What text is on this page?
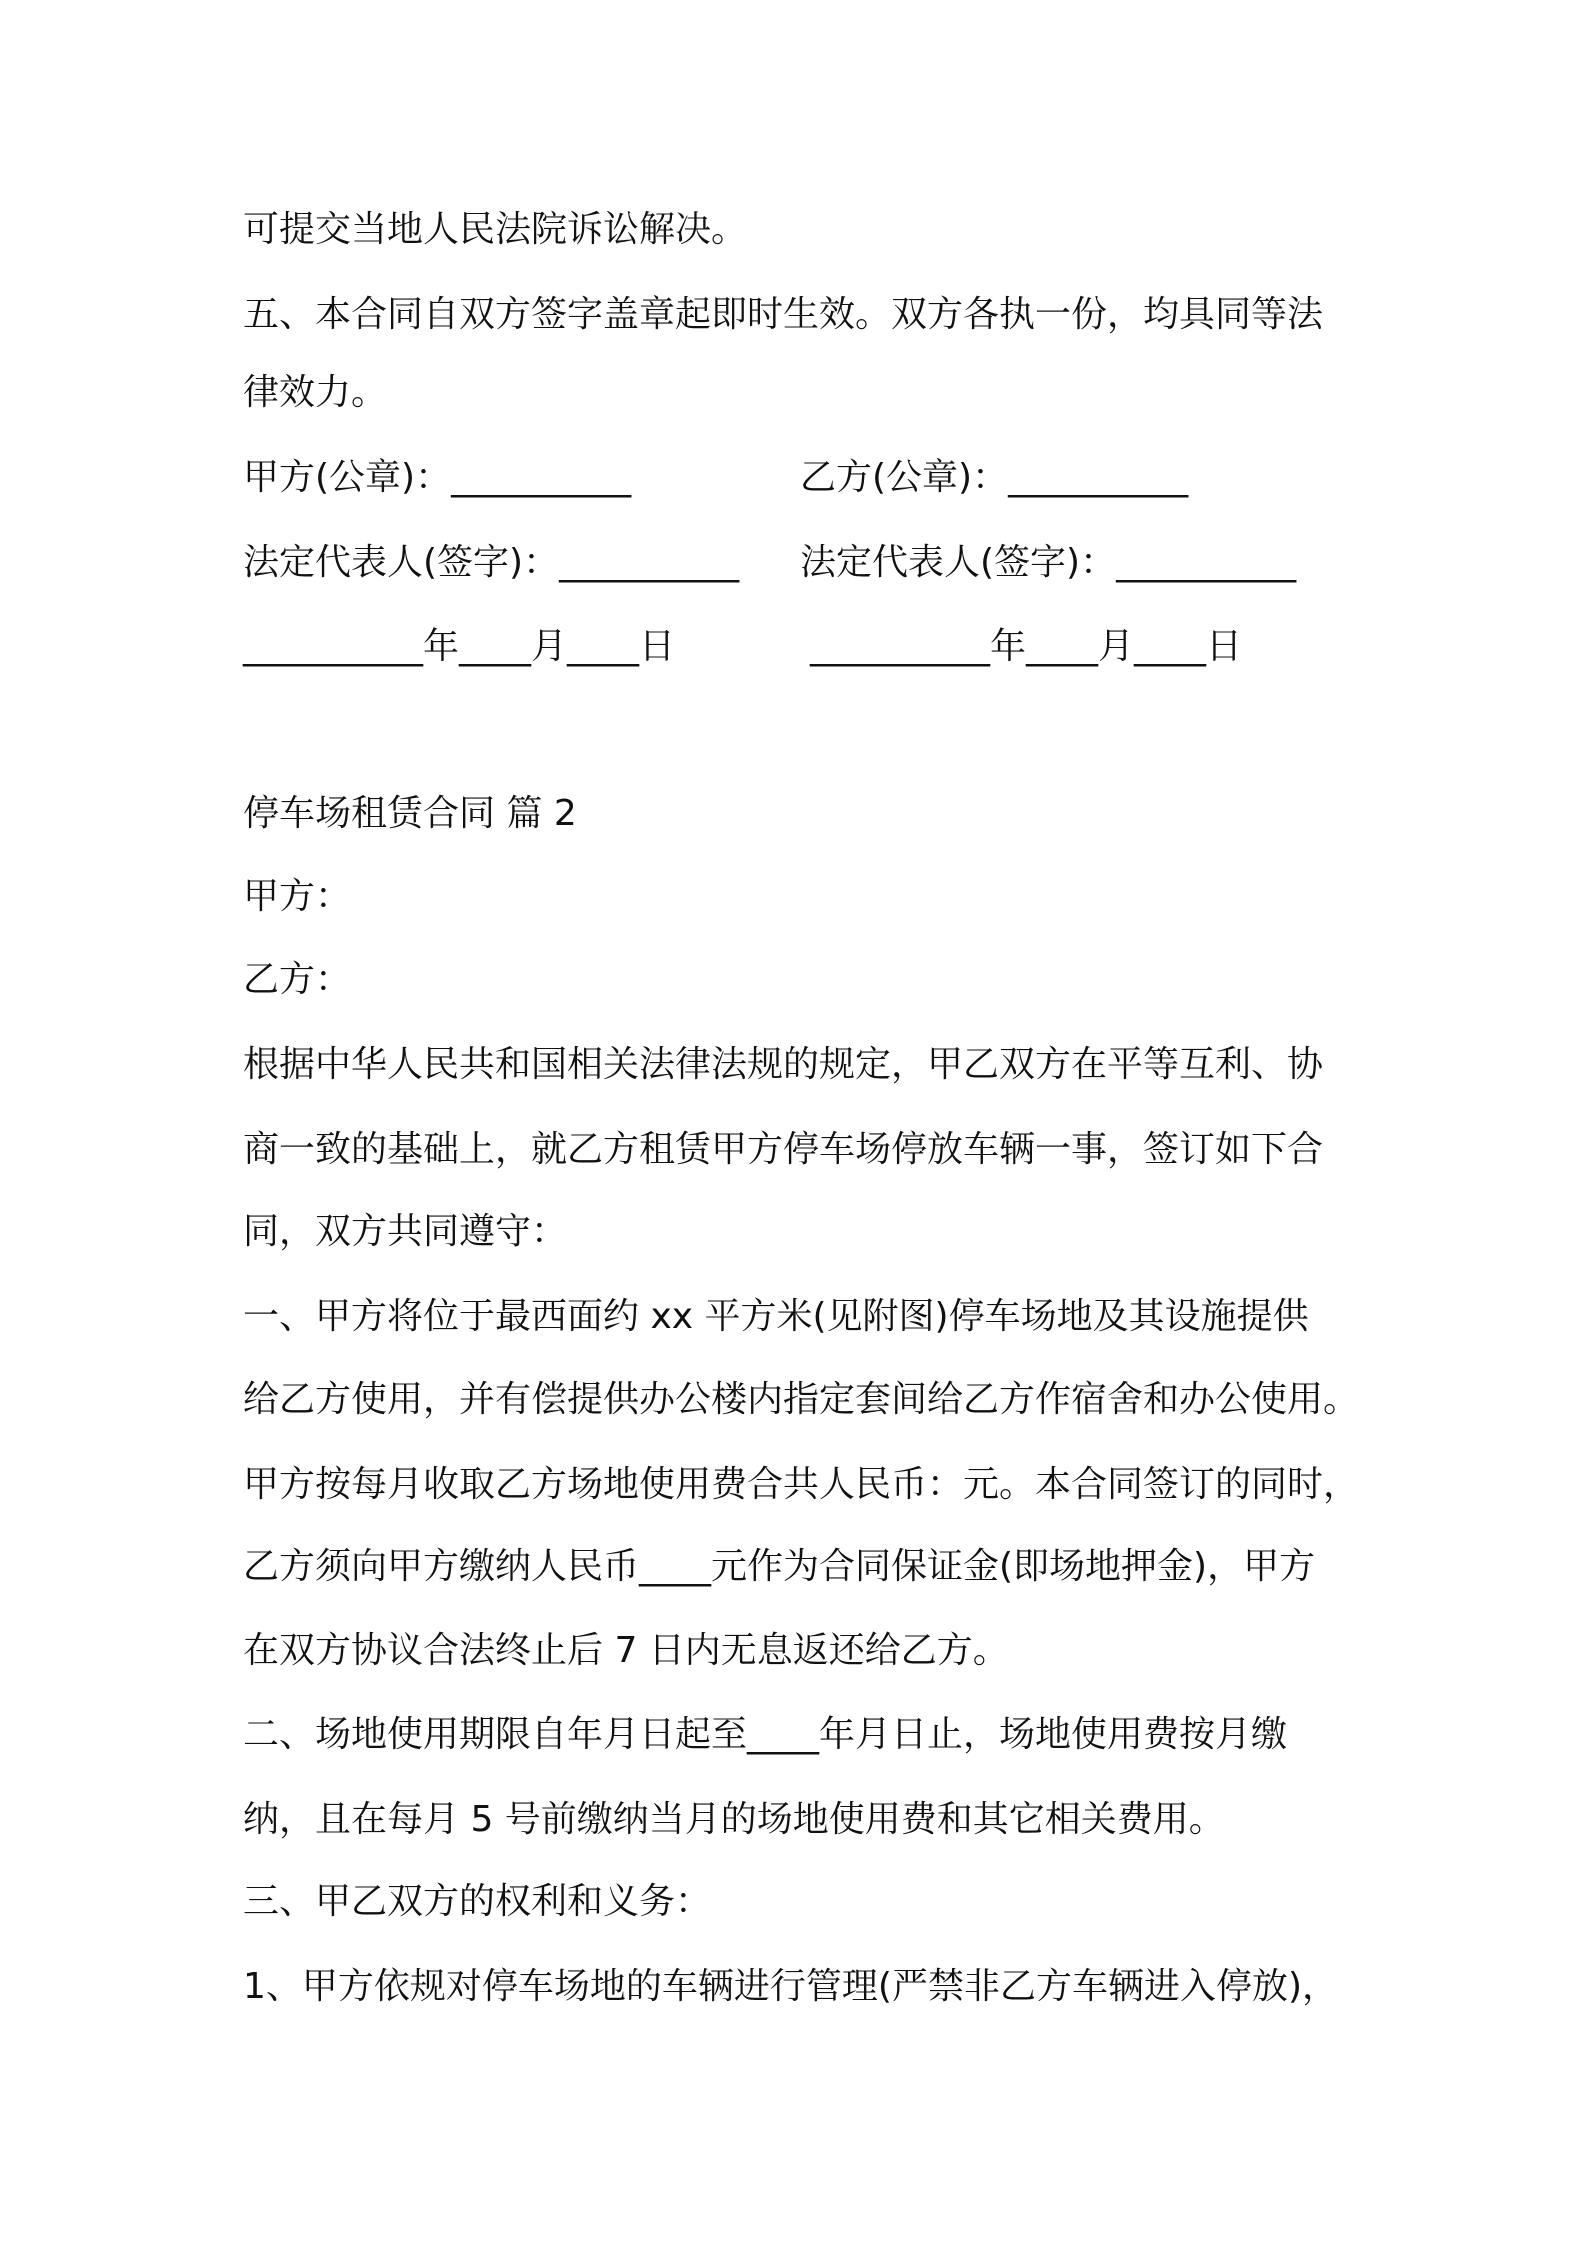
可提交当地人民法院诉讼解决。
五、本合同自双方签字盖章起即时生效。双方各执一份，均具同等法
律效力。
甲方(公章)：__________	乙方(公章)：__________
法定代表人(签字)：__________ 法定代表人(签字)：__________
__________年____月____日	__________年____月____日
停车场租赁合同 篇 2
甲方：
乙方：
根据中华人民共和国相关法律法规的规定，甲乙双方在平等互利、协
商一致的基础上，就乙方租赁甲方停车场停放车辆一事，签订如下合
同，双方共同遵守：
一、甲方将位于最西面约 xx 平方米(见附图)停车场地及其设施提供
给乙方使用，并有偿提供办公楼内指定套间给乙方作宿舍和办公使用。
甲方按每月收取乙方场地使用费合共人民币：元。本合同签订的同时，
乙方须向甲方缴纳人民币____元作为合同保证金(即场地押金)，甲方
在双方协议合法终止后 7 日内无息返还给乙方。
二、场地使用期限自年月日起至____年月日止，场地使用费按月缴
纳，且在每月 5 号前缴纳当月的场地使用费和其它相关费用。
三、甲乙双方的权利和义务：
1、甲方依规对停车场地的车辆进行管理(严禁非乙方车辆进入停放)，
